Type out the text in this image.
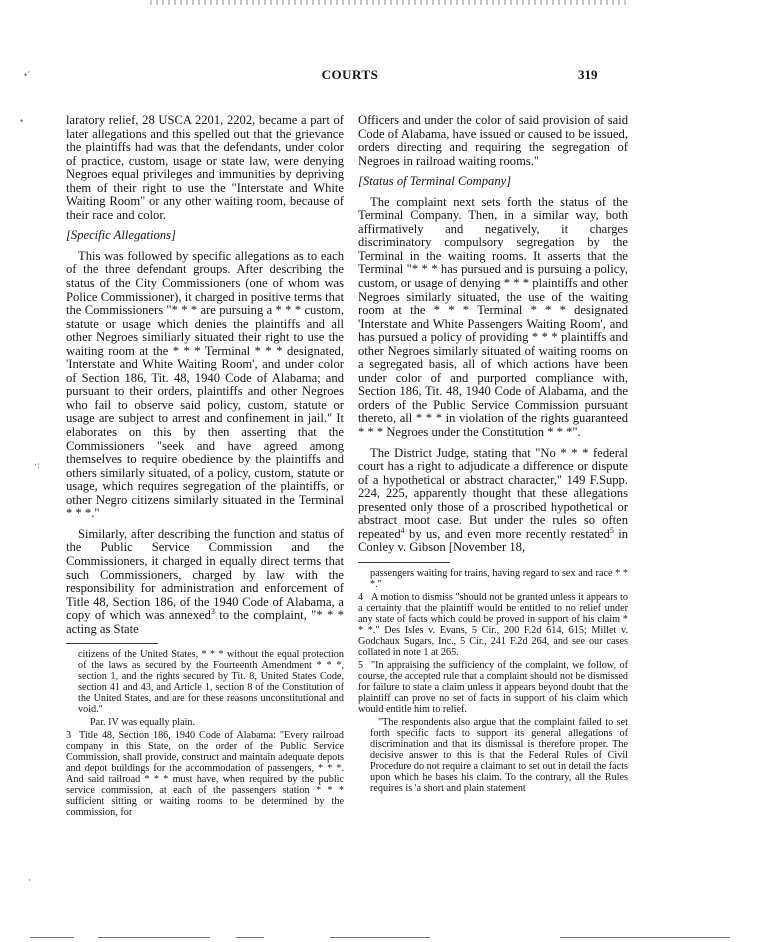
COURTS	319
•´
•
·:
·

laratory relief, 28 USCA 2201, 2202, became a part of later allegations and this spelled out that the grievance the plaintiffs had was that the defendants, under color of practice, custom, usage or state law, were denying Negroes equal privileges and immunities by depriving them of their right to use the "Interstate and White Waiting Room" or any other waiting room, because of their race and color.

[Specific Allegations]

This was followed by specific allegations as to each of the three defendant groups. After describing the status of the City Commissioners (one of whom was Police Commissioner), it charged in positive terms that the Commissioners "* * * are pursuing a * * * custom, statute or usage which denies the plaintiffs and all other Negroes similiarly situated their right to use the waiting room at the * * * Terminal * * * designated, 'Interstate and White Waiting Room', and under color of Section 186, Tit. 48, 1940 Code of Alabama; and pursuant to their orders, plaintiffs and other Negroes who fail to observe said policy, custom, statute or usage are subject to arrest and confinement in jail." It elaborates on this by then asserting that the Commissioners "seek and have agreed among themselves to require obedience by the plaintiffs and others similarly situated, of a policy, custom, statute or usage, which requires segregation of the plaintiffs, or other Negro citizens similarly situated in the Terminal * * *."

Similarly, after describing the function and status of the Public Service Commission and the Commissioners, it charged in equally direct terms that such Commissioners, charged by law with the responsibility for administration and enforcement of Title 48, Section 186, of the 1940 Code of Alabama, a copy of which was annexed$^3$ to the complaint, "* * * acting as State

citizens of the United States, * * * without the equal protection of the laws as secured by the Fourteenth Amendment * * *, section 1, and the rights secured by Tit. 8, United States Code, section 41 and 43, and Article 1, section 8 of the Constitution of the United States, and are for these reasons unconstitutional and void."
Par. IV was equally plain.
3 Title 48, Section 186, 1940 Code of Alabama: "Every railroad company in this State, on the order of the Public Service Commission, shall provide, construct and maintain adequate depots and depot buildings for the accommodation of passengers, * * *. And said railroad * * * must have, when required by the public service commission, at each of the passengers station * * * sufficient sitting or waiting rooms to be determined by the commission, for

Officers and under the color of said provision of said Code of Alabama, have issued or caused to be issued, orders directing and requiring the segregation of Negroes in railroad waiting rooms."

[Status of Terminal Company]

The complaint next sets forth the status of the Terminal Company. Then, in a similar way, both affirmatively and negatively, it charges discriminatory compulsory segregation by the Terminal in the waiting rooms. It asserts that the Terminal "* * * has pursued and is pursuing a policy, custom, or usage of denying * * * plaintiffs and other Negroes similarly situated, the use of the waiting room at the * * * Terminal * * * designated 'Interstate and White Passengers Waiting Room', and has pursued a policy of providing * * * plaintiffs and other Negroes similarly situated of waiting rooms on a segregated basis, all of which actions have been under color of and purported compliance with, Section 186, Tit. 48, 1940 Code of Alabama, and the orders of the Public Service Commission pursuant thereto, all * * * in violation of the rights guaranteed * * * Negroes under the Constitution * * *".

The District Judge, stating that "No * * * federal court has a right to adjudicate a difference or dispute of a hypothetical or abstract character," 149 F.Supp. 224, 225, apparently thought that these allegations presented only those of a proscribed hypothetical or abstract moot case. But under the rules so often repeated$^4$ by us, and even more recently restated$^5$ in Conley v. Gibson [November 18,

passengers waiting for trains, having regard to sex and race * * *."
4 A motion to dismiss "should not be granted unless it appears to a certainty that the plaintiff would be entitled to no relief under any state of facts which could be proved in support of his claim * * *." Des Isles v. Evans, 5 Cir., 200 F.2d 614, 615; Millet v. Godchaux Sugars, Inc., 5 Cir., 241 F.2d 264, and see our cases collated in note 1 at 265.
5 "In appraising the sufficiency of the complaint, we follow, of course, the accepted rule that a complaint should not be dismissed for failure to state a claim unless it appears beyond doubt that the plaintiff can prove no set of facts in support of his claim which would entitle him to relief.
"The respondents also argue that the complaint failed to set forth specific facts to support its general allegations of discrimination and that its dismissal is therefore proper. The decisive answer to this is that the Federal Rules of Civil Procedure do not require a claimant to set out in detail the facts upon which he bases his claim. To the contrary, all the Rules requires is 'a short and plain statement
